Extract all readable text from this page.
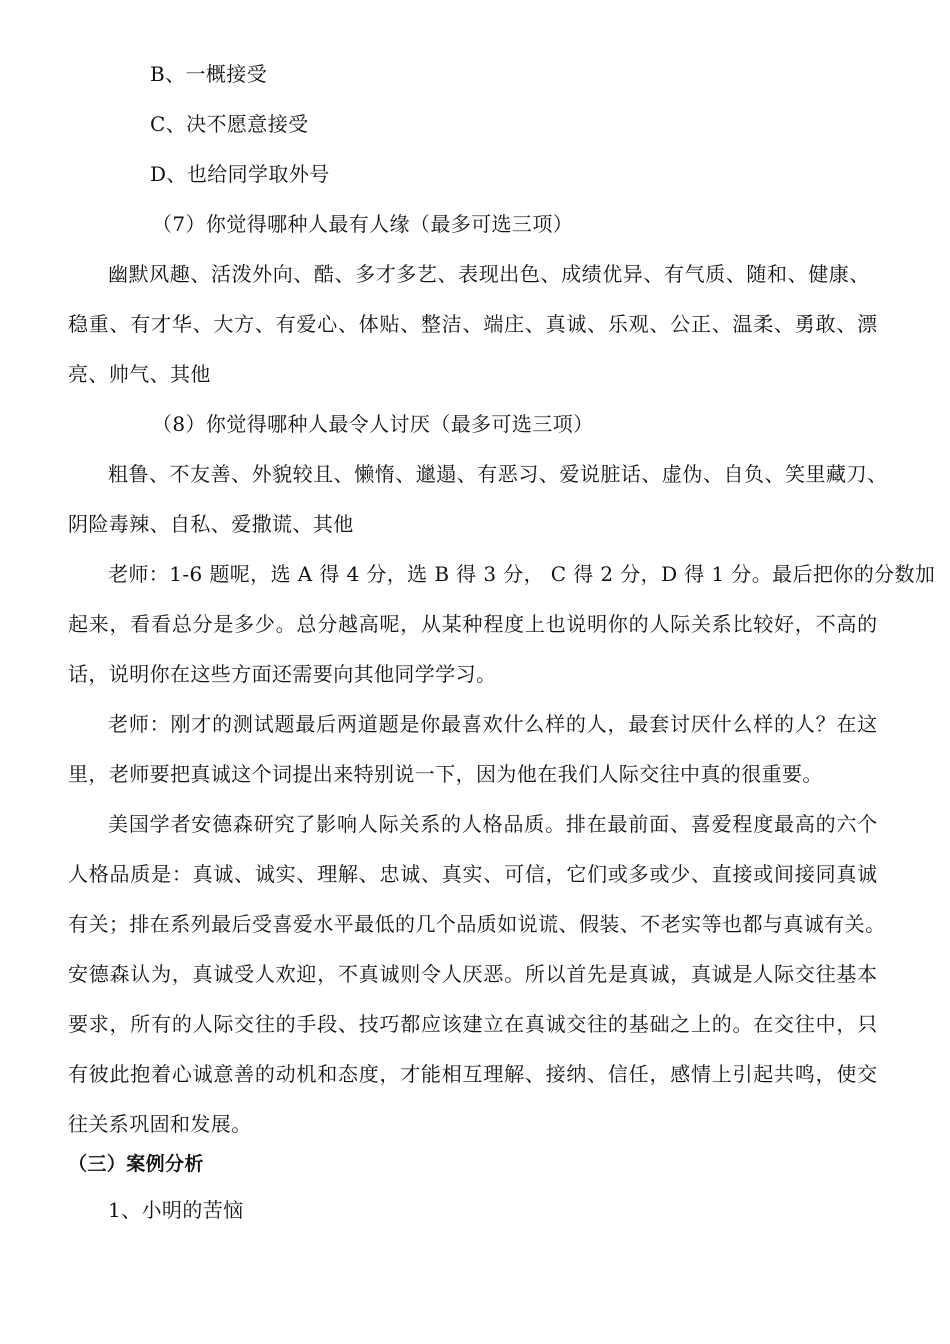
B、一概接受
C、决不愿意接受
D、也给同学取外号
（7）你觉得哪种人最有人缘（最多可选三项）
幽 默 风 趣 、 活 泼 外 向 、 酷 、 多 才 多 艺 、 表 现 出 色 、 成 绩 优 异 、 有 气 质 、 随 和 、 健 康 、
稳 重 、 有 才 华 、 大 方 、 有 爱 心 、 体 贴 、 整 洁 、 端 庄 、 真 诚 、 乐 观 、 公 正 、 温 柔 、 勇 敢 、 漂
亮、帅气、其他
（8）你觉得哪种人最令人讨厌（最多可选三项）
粗 鲁 、 不 友 善 、 外 貌 较 且 、 懒 惰 、 邋 遢 、 有 恶 习 、 爱 说 脏 话 、 虚 伪 、 自 负 、 笑 里 藏 刀 、
阴险毒辣、自私、爱撒谎、其他
老师：1-6 题呢，选 A 得 4 分，选 B 得 3 分， C 得 2 分，D 得 1 分。最后把你的分数加
起 来 ， 看 看 总 分 是 多 少 。 总 分 越 高 呢 ， 从 某 种 程 度 上 也 说 明 你 的 人 际 关 系 比 较 好 ， 不 高 的
话，说明你在这些方面还需要向其他同学学习。
老 师 ： 刚 才 的 测 试 题 最 后 两 道 题 是 你 最 喜 欢 什 么 样 的 人 ， 最 套 讨 厌 什 么 样 的 人 ？ 在 这
里，老师要把真诚这个词提出来特别说一下，因为他在我们人际交往中真的很重要。
美 国 学 者 安 德 森 研 究 了 影 响 人 际 关 系 的 人 格 品 质 。 排 在 最 前 面 、 喜 爱 程 度 最 高 的 六 个
人 格 品 质 是 ： 真 诚 、 诚 实 、 理 解 、 忠 诚 、 真 实 、 可 信 ， 它 们 或 多 或 少 、 直 接 或 间 接 同 真 诚
有 关 ； 排 在 系 列 最 后 受 喜 爱 水 平 最 低 的 几 个 品 质 如 说 谎 、 假 装 、 不 老 实 等 也 都 与 真 诚 有 关 。
安 德 森 认 为 ， 真 诚 受 人 欢 迎 ， 不 真 诚 则 令 人 厌 恶 。 所 以 首 先 是 真 诚 ， 真 诚 是 人 际 交 往 基 本
要 求 ， 所 有 的 人 际 交 往 的 手 段 、 技 巧 都 应 该 建 立 在 真 诚 交 往 的 基 础 之 上 的 。 在 交 往 中 ， 只
有 彼 此 抱 着 心 诚 意 善 的 动 机 和 态 度 ， 才 能 相 互 理 解 、 接 纳 、 信 任 ， 感 情 上 引 起 共 鸣 ， 使 交
往关系巩固和发展。
（三）案例分析
1、小明的苦恼
